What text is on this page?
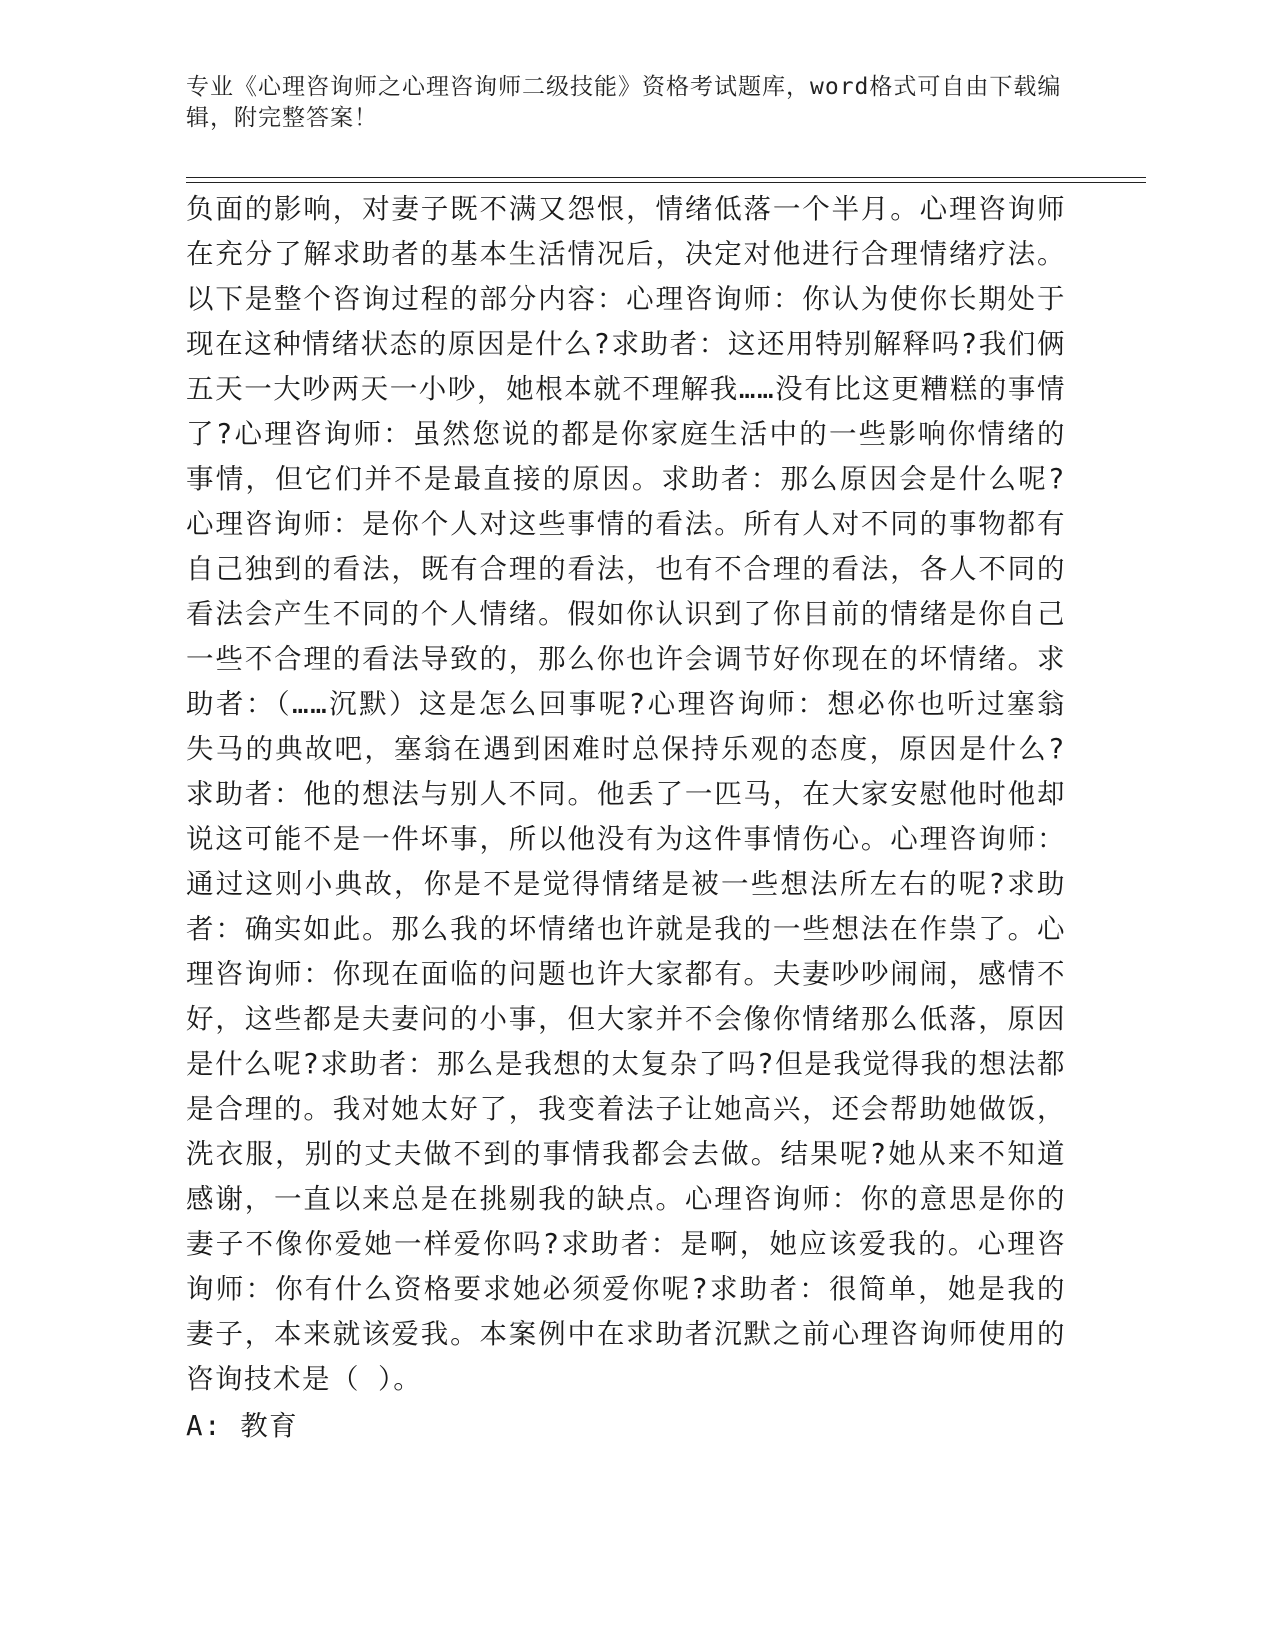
专业《心理咨询师之心理咨询师二级技能》资格考试题库，word格式可自由下载编辑，附完整答案！
负面的影响，对妻子既不满又怨恨，情绪低落一个半月。心理咨询师在充分了解求助者的基本生活情况后，决定对他进行合理情绪疗法。以下是整个咨询过程的部分内容：心理咨询师：你认为使你长期处于现在这种情绪状态的原因是什么?求助者：这还用特别解释吗?我们俩五天一大吵两天一小吵，她根本就不理解我……没有比这更糟糕的事情了?心理咨询师：虽然您说的都是你家庭生活中的一些影响你情绪的事情，但它们并不是最直接的原因。求助者：那么原因会是什么呢?心理咨询师：是你个人对这些事情的看法。所有人对不同的事物都有自己独到的看法，既有合理的看法，也有不合理的看法，各人不同的看法会产生不同的个人情绪。假如你认识到了你目前的情绪是你自己一些不合理的看法导致的，那么你也许会调节好你现在的坏情绪。求助者：（……沉默）这是怎么回事呢?心理咨询师：想必你也听过塞翁失马的典故吧，塞翁在遇到困难时总保持乐观的态度，原因是什么?求助者：他的想法与别人不同。他丢了一匹马，在大家安慰他时他却说这可能不是一件坏事，所以他没有为这件事情伤心。心理咨询师：通过这则小典故，你是不是觉得情绪是被一些想法所左右的呢?求助者：确实如此。那么我的坏情绪也许就是我的一些想法在作祟了。心理咨询师：你现在面临的问题也许大家都有。夫妻吵吵闹闹，感情不好，这些都是夫妻问的小事，但大家并不会像你情绪那么低落，原因是什么呢?求助者：那么是我想的太复杂了吗?但是我觉得我的想法都是合理的。我对她太好了，我变着法子让她高兴，还会帮助她做饭，洗衣服，别的丈夫做不到的事情我都会去做。结果呢?她从来不知道感谢，一直以来总是在挑剔我的缺点。心理咨询师：你的意思是你的妻子不像你爱她一样爱你吗?求助者：是啊，她应该爱我的。心理咨询师：你有什么资格要求她必须爱你呢?求助者：很简单，她是我的妻子，本来就该爱我。本案例中在求助者沉默之前心理咨询师使用的咨询技术是（ ）。
A: 教育
